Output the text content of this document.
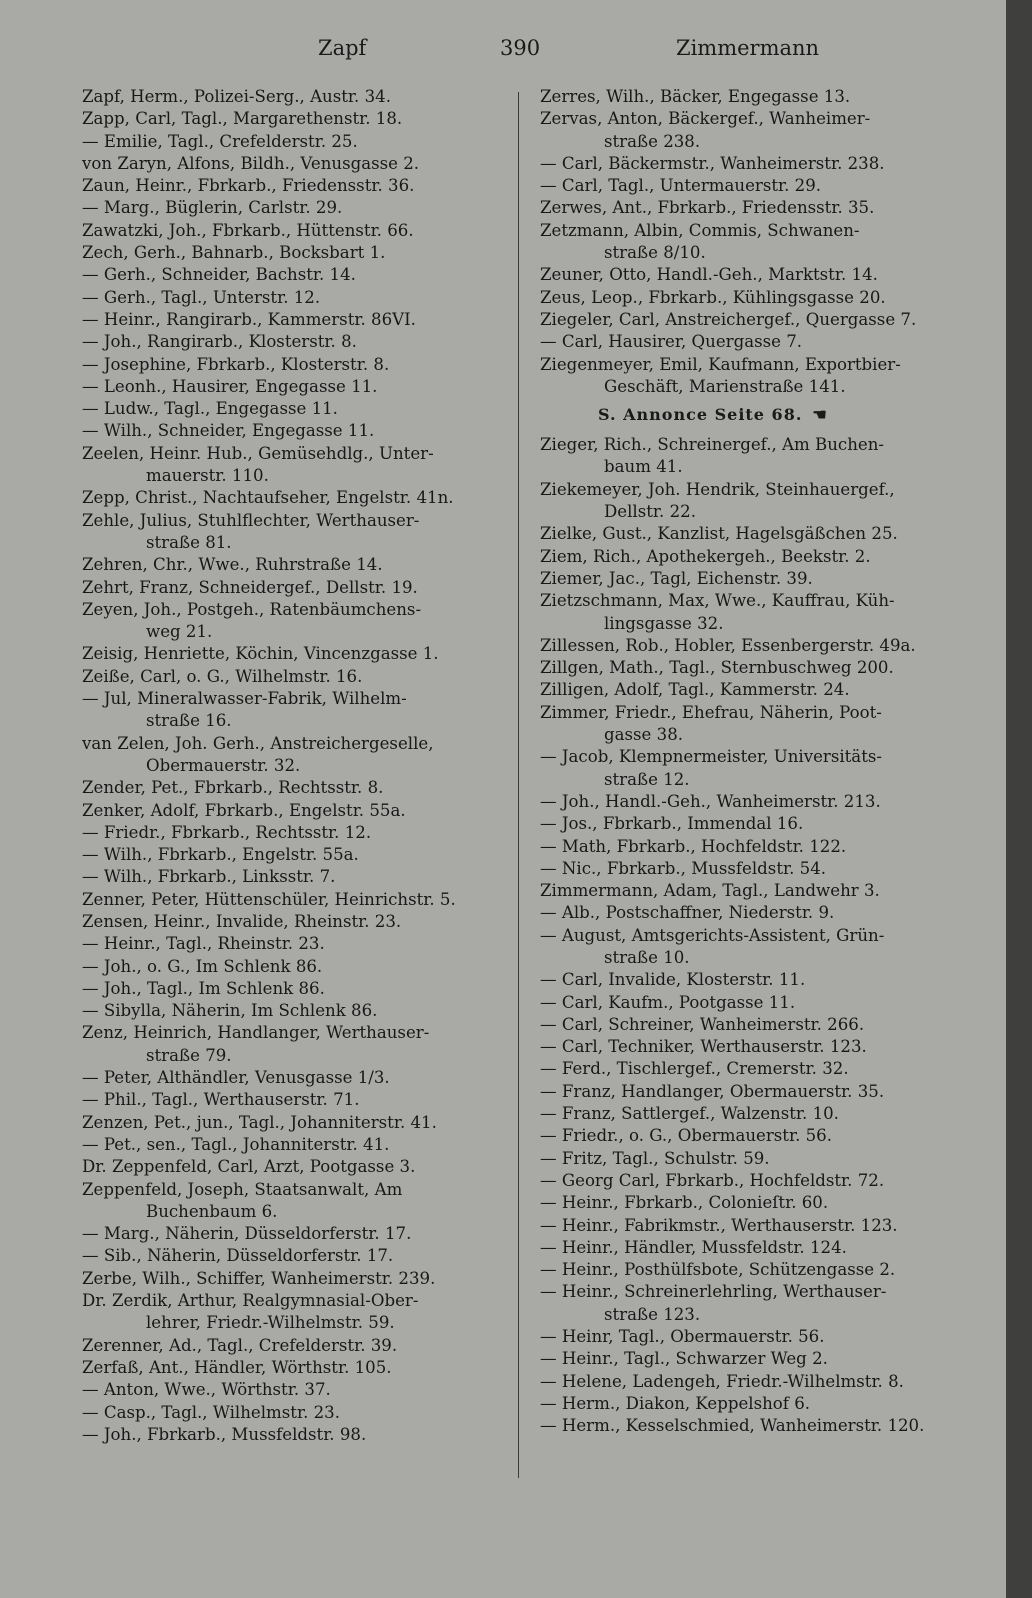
Zapf	390	Zimmermann
Zapf, Herm., Polizei-Serg., Austr. 34.
Zapp, Carl, Tagl., Margarethenstr. 18.
— Emilie, Tagl., Crefelderstr. 25.
von Zaryn, Alfons, Bildh., Venusgasse 2.
Zaun, Heinr., Fbrkarb., Friedensstr. 36.
— Marg., Büglerin, Carlstr. 29.
Zawatzki, Joh., Fbrkarb., Hüttenstr. 66.
Zech, Gerh., Bahnarb., Bocksbart 1.
— Gerh., Schneider, Bachstr. 14.
— Gerh., Tagl., Unterstr. 12.
— Heinr., Rangirarb., Kammerstr. 86VI.
— Joh., Rangirarb., Klosterstr. 8.
— Josephine, Fbrkarb., Klosterstr. 8.
— Leonh., Hausirer, Engegasse 11.
— Ludw., Tagl., Engegasse 11.
— Wilh., Schneider, Engegasse 11.
Zeelen, Heinr. Hub., Gemüsehdlg., Unter-
mauerstr. 110.
Zepp, Christ., Nachtaufseher, Engelstr. 41n.
Zehle, Julius, Stuhlflechter, Werthauser-
straße 81.
Zehren, Chr., Wwe., Ruhrstraße 14.
Zehrt, Franz, Schneidergef., Dellstr. 19.
Zeyen, Joh., Postgeh., Ratenbäumchens-
weg 21.
Zeisig, Henriette, Köchin, Vincenzgasse 1.
Zeiße, Carl, o. G., Wilhelmstr. 16.
— Jul, Mineralwasser-Fabrik, Wilhelm-
straße 16.
van Zelen, Joh. Gerh., Anstreichergeselle,
Obermauerstr. 32.
Zender, Pet., Fbrkarb., Rechtsstr. 8.
Zenker, Adolf, Fbrkarb., Engelstr. 55a.
— Friedr., Fbrkarb., Rechtsstr. 12.
— Wilh., Fbrkarb., Engelstr. 55a.
— Wilh., Fbrkarb., Linksstr. 7.
Zenner, Peter, Hüttenschüler, Heinrichstr. 5.
Zensen, Heinr., Invalide, Rheinstr. 23.
— Heinr., Tagl., Rheinstr. 23.
— Joh., o. G., Im Schlenk 86.
— Joh., Tagl., Im Schlenk 86.
— Sibylla, Näherin, Im Schlenk 86.
Zenz, Heinrich, Handlanger, Werthauser-
straße 79.
— Peter, Althändler, Venusgasse 1/3.
— Phil., Tagl., Werthauserstr. 71.
Zenzen, Pet., jun., Tagl., Johanniterstr. 41.
— Pet., sen., Tagl., Johanniterstr. 41.
Dr. Zeppenfeld, Carl, Arzt, Pootgasse 3.
Zeppenfeld, Joseph, Staatsanwalt, Am
Buchenbaum 6.
— Marg., Näherin, Düsseldorferstr. 17.
— Sib., Näherin, Düsseldorferstr. 17.
Zerbe, Wilh., Schiffer, Wanheimerstr. 239.
Dr. Zerdik, Arthur, Realgymnasial-Ober-
lehrer, Friedr.-Wilhelmstr. 59.
Zerenner, Ad., Tagl., Crefelderstr. 39.
Zerfaß, Ant., Händler, Wörthstr. 105.
— Anton, Wwe., Wörthstr. 37.
— Casp., Tagl., Wilhelmstr. 23.
— Joh., Fbrkarb., Mussfeldstr. 98.
Zerres, Wilh., Bäcker, Engegasse 13.
Zervas, Anton, Bäckergef., Wanheimer-
straße 238.
— Carl, Bäckermstr., Wanheimerstr. 238.
— Carl, Tagl., Untermauerstr. 29.
Zerwes, Ant., Fbrkarb., Friedensstr. 35.
Zetzmann, Albin, Commis, Schwanen-
straße 8/10.
Zeuner, Otto, Handl.-Geh., Marktstr. 14.
Zeus, Leop., Fbrkarb., Kühlingsgasse 20.
Ziegeler, Carl, Anstreichergef., Quergasse 7.
— Carl, Hausirer, Quergasse 7.
Ziegenmeyer, Emil, Kaufmann, Exportbier-
Geschäft, Marienstraße 141.
S. Annonce Seite 68. ☚
Zieger, Rich., Schreinergef., Am Buchen-
baum 41.
Ziekemeyer, Joh. Hendrik, Steinhauergef.,
Dellstr. 22.
Zielke, Gust., Kanzlist, Hagelsgäßchen 25.
Ziem, Rich., Apothekergeh., Beekstr. 2.
Ziemer, Jac., Tagl, Eichenstr. 39.
Zietzschmann, Max, Wwe., Kauffrau, Küh-
lingsgasse 32.
Zillessen, Rob., Hobler, Essenbergerstr. 49a.
Zillgen, Math., Tagl., Sternbuschweg 200.
Zilligen, Adolf, Tagl., Kammerstr. 24.
Zimmer, Friedr., Ehefrau, Näherin, Poot-
gasse 38.
— Jacob, Klempnermeister, Universitäts-
straße 12.
— Joh., Handl.-Geh., Wanheimerstr. 213.
— Jos., Fbrkarb., Immendal 16.
— Math, Fbrkarb., Hochfeldstr. 122.
— Nic., Fbrkarb., Mussfeldstr. 54.
Zimmermann, Adam, Tagl., Landwehr 3.
— Alb., Postschaffner, Niederstr. 9.
— August, Amtsgerichts-Assistent, Grün-
straße 10.
— Carl, Invalide, Klosterstr. 11.
— Carl, Kaufm., Pootgasse 11.
— Carl, Schreiner, Wanheimerstr. 266.
— Carl, Techniker, Werthauserstr. 123.
— Ferd., Tischlergef., Cremerstr. 32.
— Franz, Handlanger, Obermauerstr. 35.
— Franz, Sattlergef., Walzenstr. 10.
— Friedr., o. G., Obermauerstr. 56.
— Fritz, Tagl., Schulstr. 59.
— Georg Carl, Fbrkarb., Hochfeldstr. 72.
— Heinr., Fbrkarb., Colonieſtr. 60.
— Heinr., Fabrikmstr., Werthauserstr. 123.
— Heinr., Händler, Mussfeldstr. 124.
— Heinr., Posthülfsbote, Schützengasse 2.
— Heinr., Schreinerlehrling, Werthauser-
straße 123.
— Heinr, Tagl., Obermauerstr. 56.
— Heinr., Tagl., Schwarzer Weg 2.
— Helene, Ladengeh, Friedr.-Wilhelmstr. 8.
— Herm., Diakon, Keppelshof 6.
— Herm., Kesselschmied, Wanheimerstr. 120.
